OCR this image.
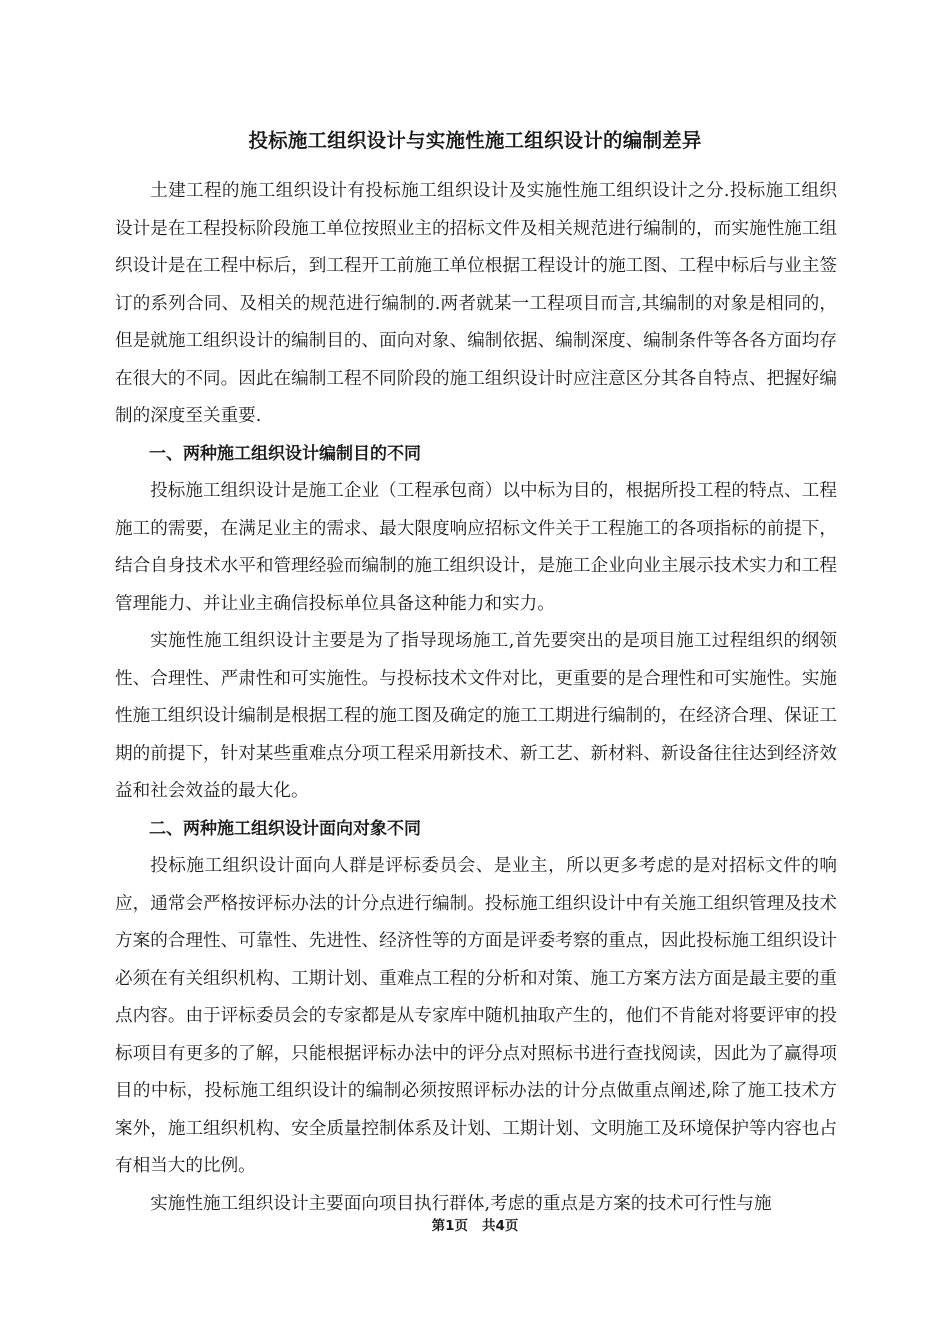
投标施工组织设计与实施性施工组织设计的编制差异

土建工程的施工组织设计有投标施工组织设计及实施性施工组织设计之分.投标施工组织设计是在工程投标阶段施工单位按照业主的招标文件及相关规范进行编制的，而实施性施工组织设计是在工程中标后，到工程开工前施工单位根据工程设计的施工图、工程中标后与业主签订的系列合同、及相关的规范进行编制的.两者就某一工程项目而言,其编制的对象是相同的，但是就施工组织设计的编制目的、面向对象、编制依据、编制深度、编制条件等各各方面均存在很大的不同。因此在编制工程不同阶段的施工组织设计时应注意区分其各自特点、把握好编制的深度至关重要.

一、两种施工组织设计编制目的不同

投标施工组织设计是施工企业（工程承包商）以中标为目的，根据所投工程的特点、工程施工的需要，在满足业主的需求、最大限度响应招标文件关于工程施工的各项指标的前提下，结合自身技术水平和管理经验而编制的施工组织设计，是施工企业向业主展示技术实力和工程管理能力、并让业主确信投标单位具备这种能力和实力。

实施性施工组织设计主要是为了指导现场施工,首先要突出的是项目施工过程组织的纲领性、合理性、严肃性和可实施性。与投标技术文件对比，更重要的是合理性和可实施性。实施性施工组织设计编制是根据工程的施工图及确定的施工工期进行编制的，在经济合理、保证工期的前提下，针对某些重难点分项工程采用新技术、新工艺、新材料、新设备往往达到经济效益和社会效益的最大化。

二、两种施工组织设计面向对象不同

投标施工组织设计面向人群是评标委员会、是业主，所以更多考虑的是对招标文件的响应，通常会严格按评标办法的计分点进行编制。投标施工组织设计中有关施工组织管理及技术方案的合理性、可靠性、先进性、经济性等的方面是评委考察的重点，因此投标施工组织设计必须在有关组织机构、工期计划、重难点工程的分析和对策、施工方案方法方面是最主要的重点内容。由于评标委员会的专家都是从专家库中随机抽取产生的，他们不肯能对将要评审的投标项目有更多的了解，只能根据评标办法中的评分点对照标书进行查找阅读，因此为了赢得项目的中标，投标施工组织设计的编制必须按照评标办法的计分点做重点阐述,除了施工技术方案外，施工组织机构、安全质量控制体系及计划、工期计划、文明施工及环境保护等内容也占有相当大的比例。

实施性施工组织设计主要面向项目执行群体,考虑的重点是方案的技术可行性与施

第1页 共4页
